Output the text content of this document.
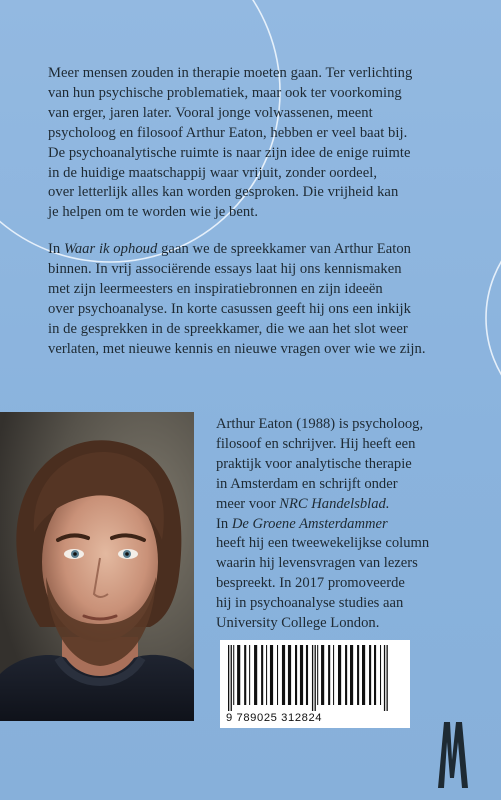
Meer mensen zouden in therapie moeten gaan. Ter verlichting
van hun psychische problematiek, maar ook ter voorkoming
van erger, jaren later. Vooral jonge volwassenen, meent
psycholoog en filosoof Arthur Eaton, hebben er veel baat bij.
De psychoanalytische ruimte is naar zijn idee de enige ruimte
in de huidige maatschappij waar vrijuit, zonder oordeel,
over letterlijk alles kan worden gesproken. Die vrijheid kan
je helpen om te worden wie je bent.
In Waar ik ophoud gaan we de spreekkamer van Arthur Eaton
binnen. In vrij associërende essays laat hij ons kennismaken
met zijn leermeesters en inspiratiebronnen en zijn ideeën
over psychoanalyse. In korte casussen geeft hij ons een inkijk
in de gesprekken in de spreekkamer, die we aan het slot weer
verlaten, met nieuwe kennis en nieuwe vragen over wie we zijn.
Arthur Eaton (1988) is psycholoog,
filosoof en schrijver. Hij heeft een
praktijk voor analytische therapie
in Amsterdam en schrijft onder
meer voor NRC Handelsblad.
In De Groene Amsterdammer
heeft hij een tweewekelijkse column
waarin hij levensvragen van lezers
bespreekt. In 2017 promoveerde
hij in psychoanalyse studies aan
University College London.
9 789025 312824
